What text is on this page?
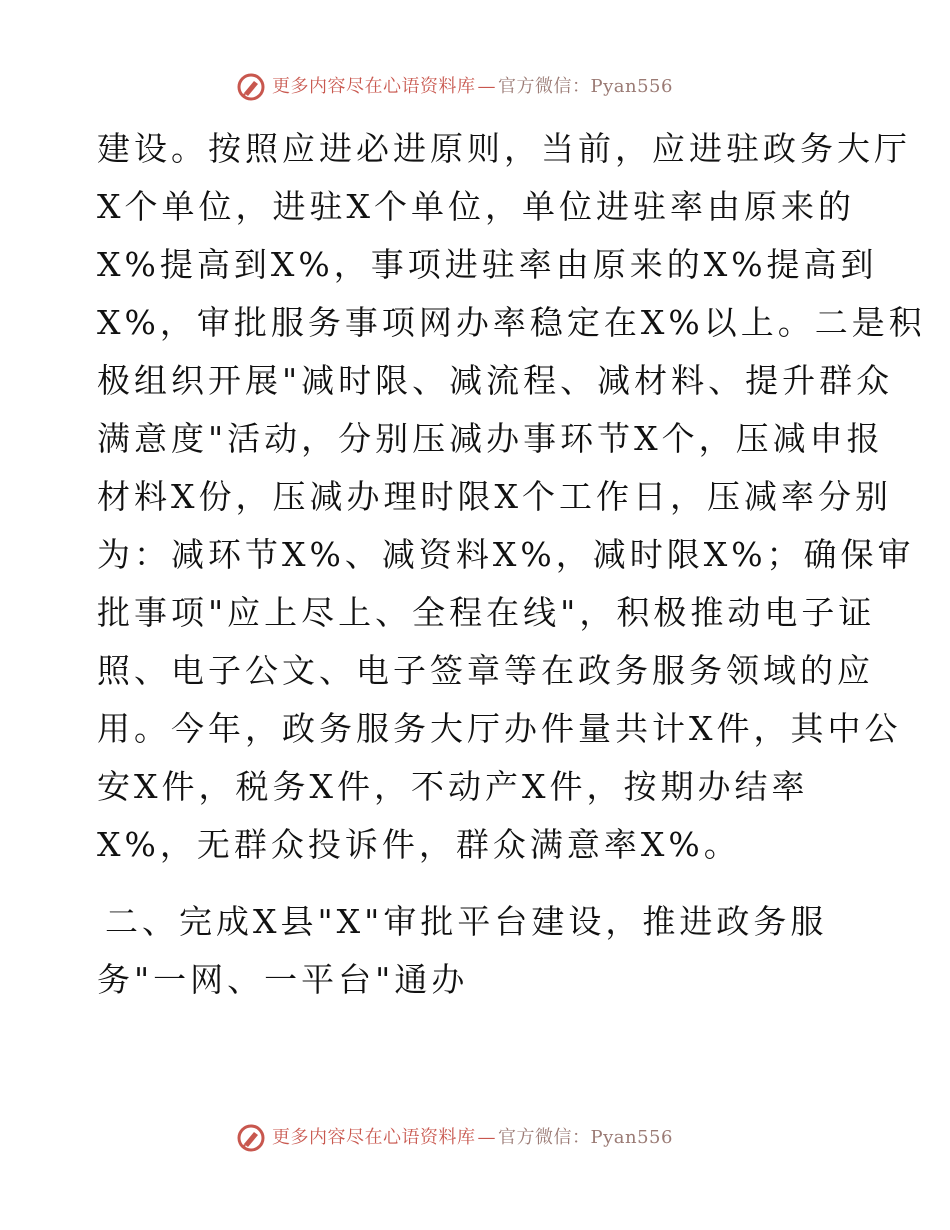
更多内容尽在心语资料库 — 官方微信：Pyan556
建设。按照应进必进原则，当前，应进驻政务大厅
X个单位，进驻X个单位，单位进驻率由原来的
X%提高到X%，事项进驻率由原来的X%提高到
X%，审批服务事项网办率稳定在X%以上。二是积
极组织开展"减时限、减流程、减材料、提升群众
满意度"活动，分别压减办事环节X个，压减申报
材料X份，压减办理时限X个工作日，压减率分别
为：减环节X%、减资料X%，减时限X%；确保审
批事项"应上尽上、全程在线"，积极推动电子证
照、电子公文、电子签章等在政务服务领域的应
用。今年，政务服务大厅办件量共计X件，其中公
安X件，税务X件，不动产X件，按期办结率
X%，无群众投诉件，群众满意率X%。
二、完成X县"X"审批平台建设，推进政务服
务"一网、一平台"通办
更多内容尽在心语资料库 — 官方微信：Pyan556
